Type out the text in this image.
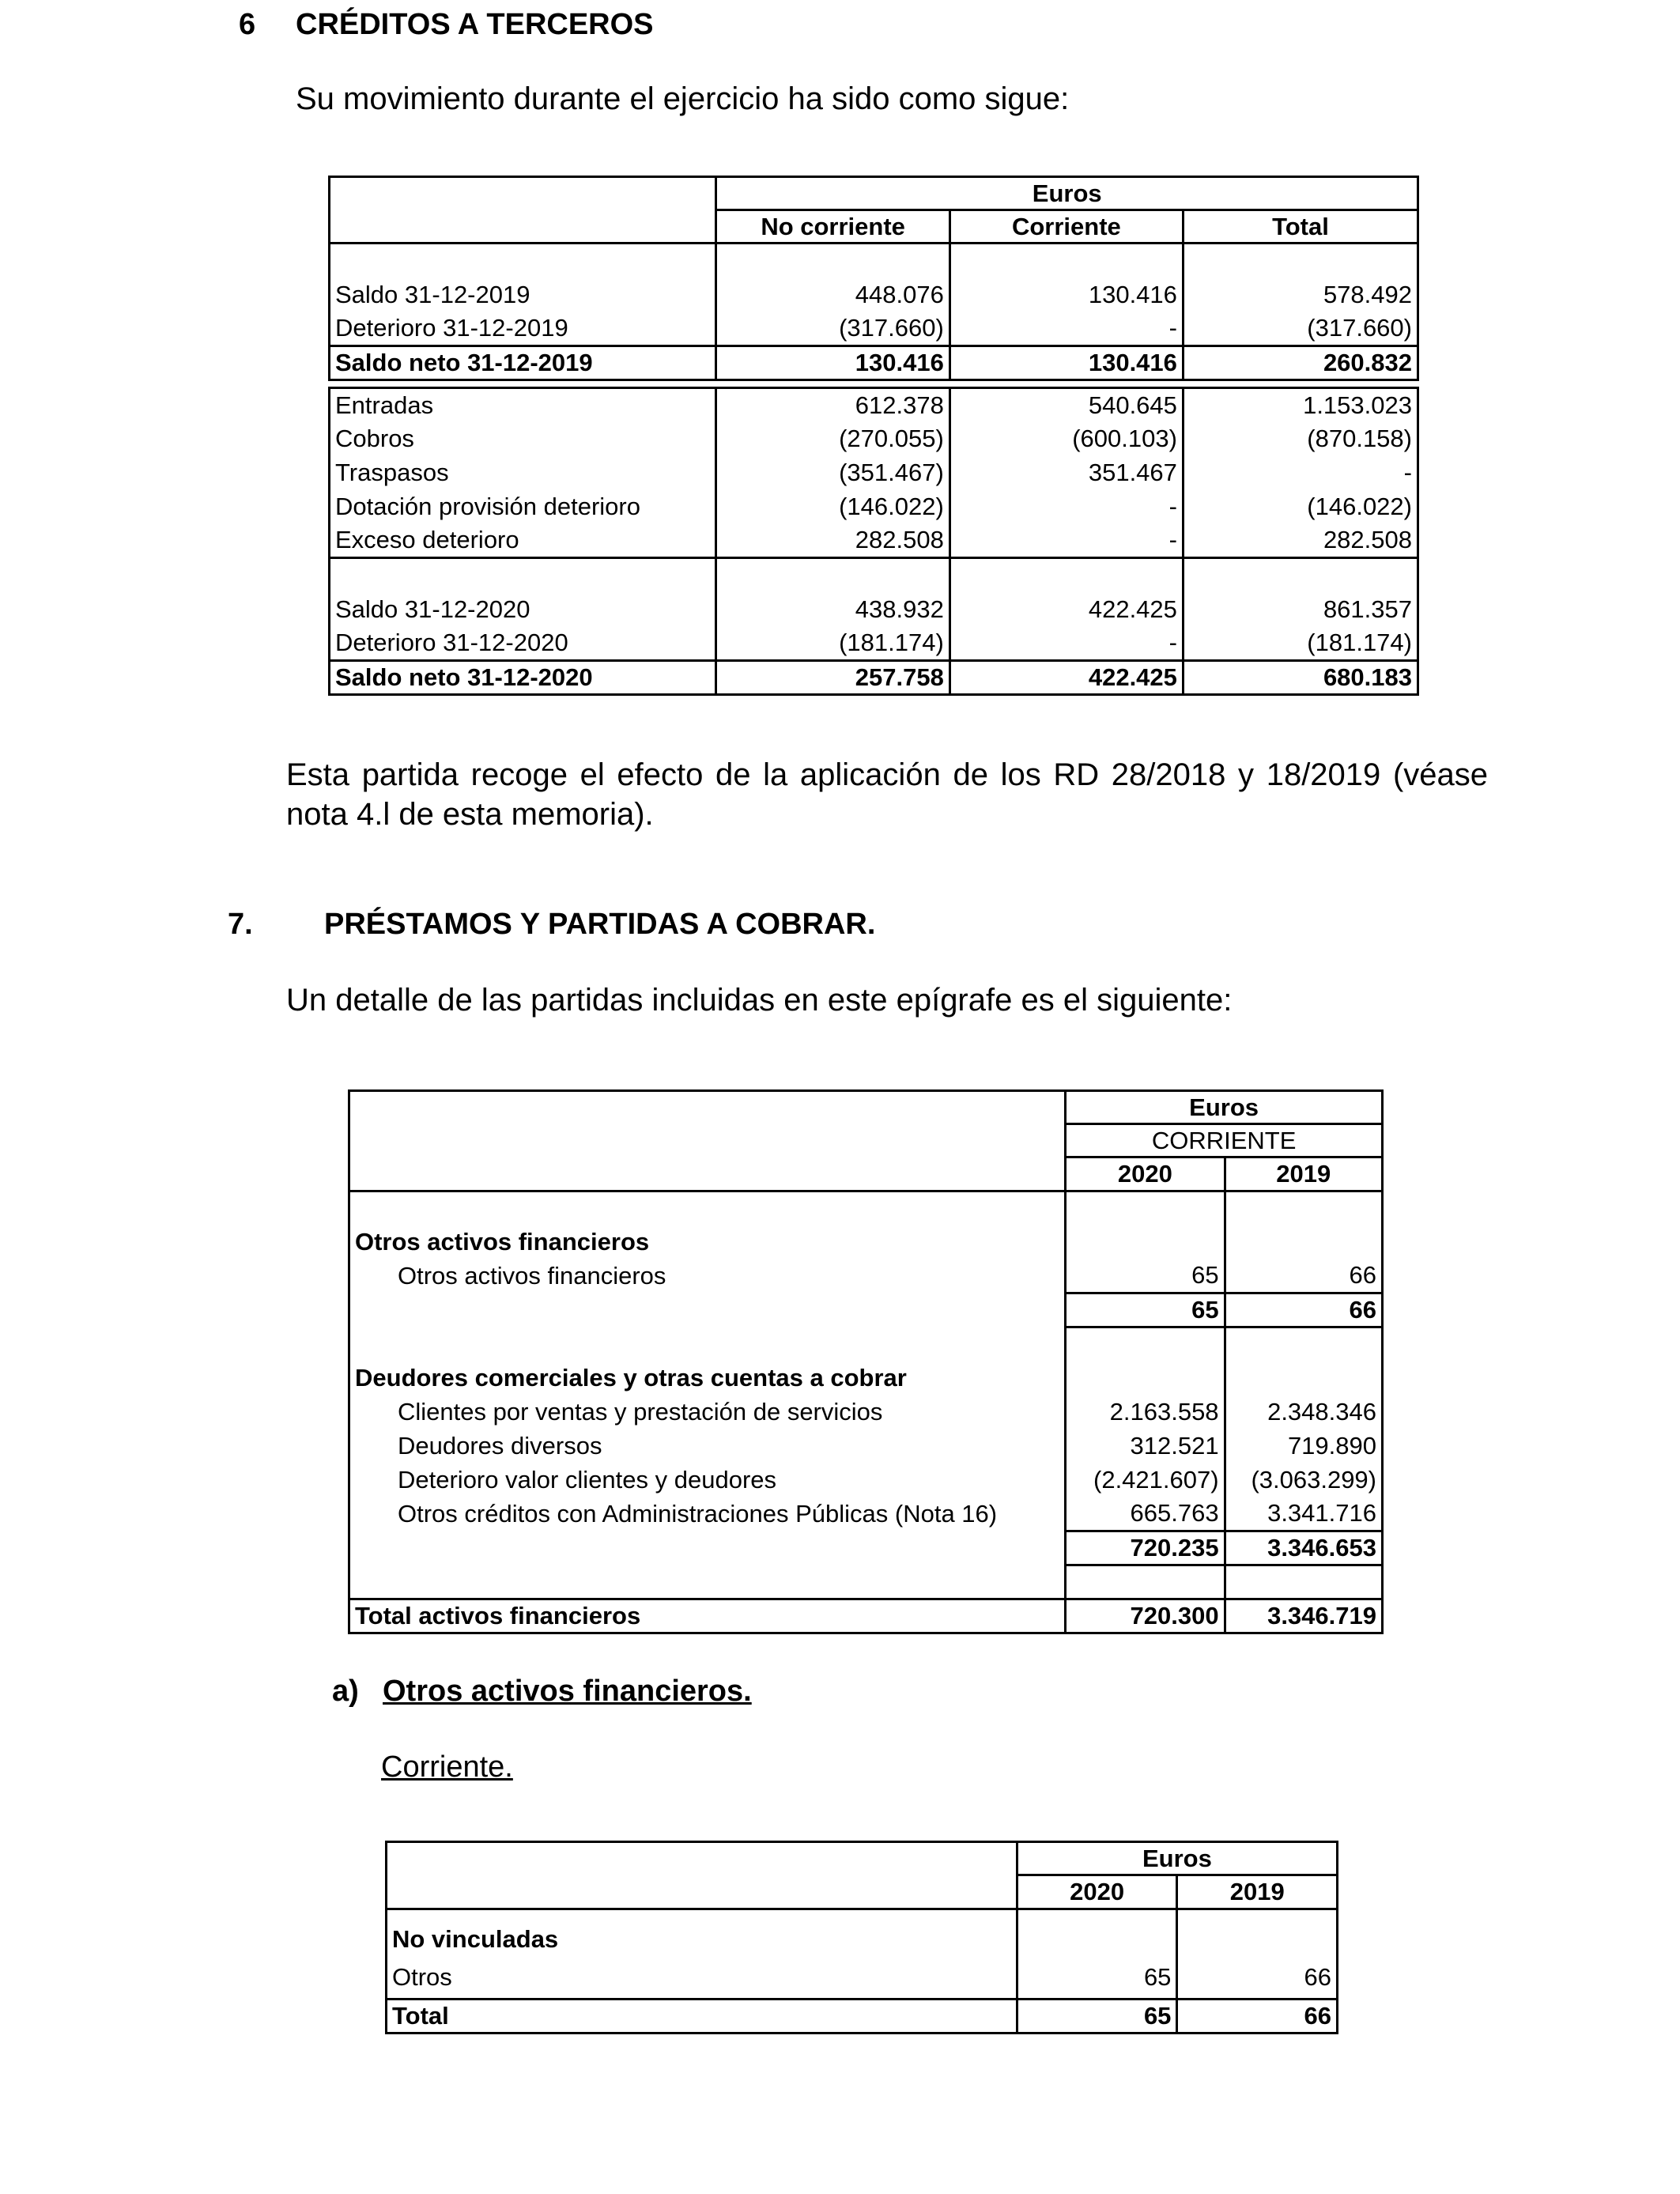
6 CRÉDITOS A TERCEROS
Su movimiento durante el ejercicio ha sido como sigue:
	Euros		
	No corriente	Corriente	Total

Saldo 31-12-2019	448.076	130.416	578.492
Deterioro 31-12-2019	(317.660)	-	(317.660)
Saldo neto 31-12-2019	130.416	130.416	260.832

Entradas	612.378	540.645	1.153.023
Cobros	(270.055)	(600.103)	(870.158)
Traspasos	(351.467)	351.467	-
Dotación provisión deterioro	(146.022)	-	(146.022)
Exceso deterioro	282.508	-	282.508

Saldo 31-12-2020	438.932	422.425	861.357
Deterioro 31-12-2020	(181.174)	-	(181.174)
Saldo neto 31-12-2020	257.758	422.425	680.183
Esta partida recoge el efecto de la aplicación de los RD 28/2018 y 18/2019 (véase nota 4.l de esta memoria).
7. PRÉSTAMOS Y PARTIDAS A COBRAR.
Un detalle de las partidas incluidas en este epígrafe es el siguiente:
	Euros	
	CORRIENTE	
	2020	2019

Otros activos financieros		
Otros activos financieros	65	66
	65	66

Deudores comerciales y otras cuentas a cobrar		
Clientes por ventas y prestación de servicios	2.163.558	2.348.346
Deudores diversos	312.521	719.890
Deterioro valor clientes y deudores	(2.421.607)	(3.063.299)
Otros créditos con Administraciones Públicas (Nota 16)	665.763	3.341.716
	720.235	3.346.653

Total activos financieros	720.300	3.346.719
a) Otros activos financieros.
Corriente.
	Euros	
	2020	2019
No vinculadas		
Otros	65	66
Total	65	66
